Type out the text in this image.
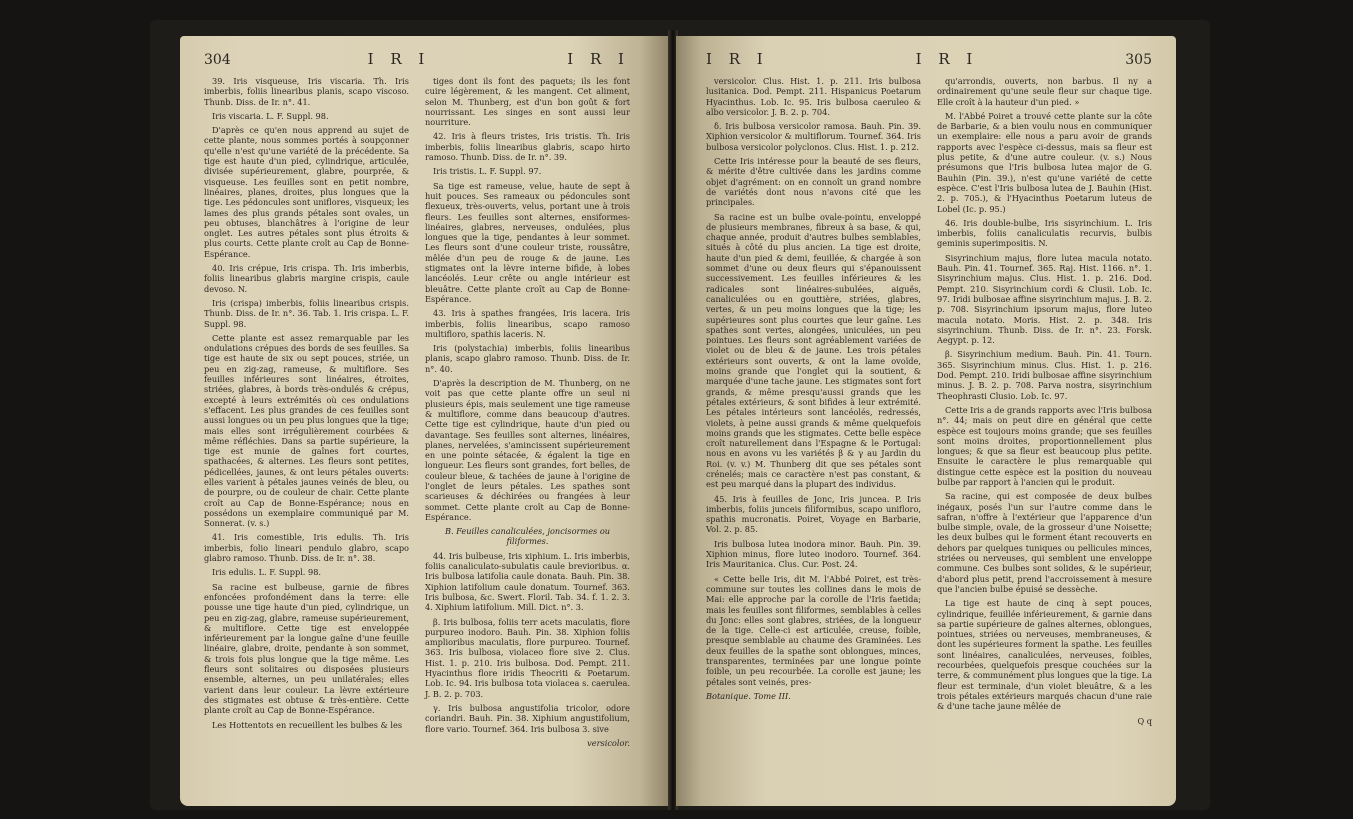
304	I R I	I R I

39. Iris visqueuse, Iris viscaria. Th. Iris imberbis, foliis linearibus planis, scapo viscoso. Thunb. Diss. de Ir. n°. 41.

Iris viscaria. L. F. Suppl. 98.

D'après ce qu'en nous apprend au sujet de cette plante, nous sommes portés à soupçonner qu'elle n'est qu'une variété de la précédente. Sa tige est haute d'un pied, cylindrique, articulée, divisée supérieurement, glabre, pourprée, & visqueuse. Les feuilles sont en petit nombre, linéaires, planes, droites, plus longues que la tige. Les pédoncules sont uniflores, visqueux; les lames des plus grands pétales sont ovales, un peu obtuses, blanchâtres à l'origine de leur onglet. Les autres pétales sont plus étroits & plus courts. Cette plante croît au Cap de Bonne-Espérance.

40. Iris crépue, Iris crispa. Th. Iris imberbis, foliis linearibus glabris margine crispis, caule devoso. N.

Iris (crispa) imberbis, foliis linearibus crispis. Thunb. Diss. de Ir. n°. 36. Tab. 1. Iris crispa. L. F. Suppl. 98.

Cette plante est assez remarquable par les ondulations crépues des bords de ses feuilles. Sa tige est haute de six ou sept pouces, striée, un peu en zig-zag, rameuse, & multiflore. Ses feuilles inférieures sont linéaires, étroites, striées, glabres, à bords très-ondulés & crépus, excepté à leurs extrémités où ces ondulations s'effacent. Les plus grandes de ces feuilles sont aussi longues ou un peu plus longues que la tige; mais elles sont irrégulièrement courbées & même réfléchies. Dans sa partie supérieure, la tige est munie de gaînes fort courtes, spathacées, & alternes. Les fleurs sont petites, pédicellées, jaunes, & ont leurs pétales ouverts: elles varient à pétales jaunes veinés de bleu, ou de pourpre, ou de couleur de chair. Cette plante croît au Cap de Bonne-Espérance; nous en possédons un exemplaire communiqué par M. Sonnerat. (v. s.)

41. Iris comestible, Iris edulis. Th. Iris imberbis, folio lineari pendulo glabro, scapo glabro ramoso. Thunb. Diss. de Ir. n°. 38.

Iris edulis. L. F. Suppl. 98.

Sa racine est bulbeuse, garnie de fibres enfoncées profondément dans la terre: elle pousse une tige haute d'un pied, cylindrique, un peu en zig-zag, glabre, rameuse supérieurement, & multiflore. Cette tige est enveloppée inférieurement par la longue gaîne d'une feuille linéaire, glabre, droite, pendante à son sommet, & trois fois plus longue que la tige même. Les fleurs sont solitaires ou disposées plusieurs ensemble, alternes, un peu unilatérales; elles varient dans leur couleur. La lèvre extérieure des stigmates est obtuse & très-entière. Cette plante croît au Cap de Bonne-Espérance.

Les Hottentots en recueillent les bulbes & les

tiges dont ils font des paquets; ils les font cuire légèrement, & les mangent. Cet aliment, selon M. Thunberg, est d'un bon goût & fort nourrissant. Les singes en sont aussi leur nourriture.

42. Iris à fleurs tristes, Iris tristis. Th. Iris imberbis, foliis linearibus glabris, scapo hirto ramoso. Thunb. Diss. de Ir. n°. 39.

Iris tristis. L. F. Suppl. 97.

Sa tige est rameuse, velue, haute de sept à huit pouces. Ses rameaux ou pédoncules sont flexueux, très-ouverts, velus, portant une à trois fleurs. Les feuilles sont alternes, ensiformes-linéaires, glabres, nerveuses, ondulées, plus longues que la tige, pendantes à leur sommet. Les fleurs sont d'une couleur triste, roussâtre, mêlée d'un peu de rouge & de jaune. Les stigmates ont la lèvre interne bifide, à lobes lancéolés. Leur crête ou angle intérieur est bleuâtre. Cette plante croît au Cap de Bonne-Espérance.

43. Iris à spathes frangées, Iris lacera. Iris imberbis, foliis linearibus, scapo ramoso multifloro, spathis laceris. N.

Iris (polystachia) imberbis, foliis linearibus planis, scapo glabro ramoso. Thunb. Diss. de Ir. n°. 40.

D'après la description de M. Thunberg, on ne voit pas que cette plante offre un seul ni plusieurs épis, mais seulement une tige rameuse & multiflore, comme dans beaucoup d'autres. Cette tige est cylindrique, haute d'un pied ou davantage. Ses feuilles sont alternes, linéaires, planes, nervelées, s'amincissent supérieurement en une pointe sétacée, & égalent la tige en longueur. Les fleurs sont grandes, fort belles, de couleur bleue, & tachées de jaune à l'origine de l'onglet de leurs pétales. Les spathes sont scarieuses & déchirées ou frangées à leur sommet. Cette plante croît au Cap de Bonne-Espérance.

B. Feuilles canaliculées, joncisormes ou filiformes.

44. Iris bulbeuse, Iris xiphium. L. Iris imberbis, foliis canaliculato-subulatis caule brevioribus. α. Iris bulbosa latifolia caule donata. Bauh. Pin. 38. Xiphion latifolium caule donatum. Tournef. 363. Iris bulbosa, &c. Swert. Floril. Tab. 34. f. 1. 2. 3. 4. Xiphium latifolium. Mill. Dict. n°. 3.

β. Iris bulbosa, foliis terr acets maculatis, flore purpureo inodoro. Bauh. Pin. 38. Xiphion foliis amplioribus maculatis, flore purpureo. Tournef. 363. Iris bulbosa, violaceo flore sive 2. Clus. Hist. 1. p. 210. Iris bulbosa. Dod. Pempt. 211. Hyacinthus flore iridis Theocriti & Poetarum. Lob. Ic. 94. Iris bulbosa tota violacea s. caerulea. J. B. 2. p. 703.

γ. Iris bulbosa angustifolia tricolor, odore coriandri. Bauh. Pin. 38. Xiphium angustifolium, flore vario. Tournef. 364. Iris bulbosa 3. sive

versicolor.
I R I	I R I	305

versicolor. Clus. Hist. 1. p. 211. Iris bulbosa lusitanica. Dod. Pempt. 211. Hispanicus Poetarum Hyacinthus. Lob. Ic. 95. Iris bulbosa caeruleo & albo versicolor. J. B. 2. p. 704.

δ. Iris bulbosa versicolor ramosa. Bauh. Pin. 39. Xiphion versicolor & multiflorum. Tournef. 364. Iris bulbosa versicolor polyclonos. Clus. Hist. 1. p. 212.

Cette Iris intéresse pour la beauté de ses fleurs, & mérite d'être cultivée dans les jardins comme objet d'agrément: on en connoît un grand nombre de variétés dont nous n'avons cité que les principales.

Sa racine est un bulbe ovale-pointu, enveloppé de plusieurs membranes, fibreux à sa base, & qui, chaque année, produit d'autres bulbes semblables, situés à côté du plus ancien. La tige est droite, haute d'un pied & demi, feuillée, & chargée à son sommet d'une ou deux fleurs qui s'épanouissent successivement. Les feuilles inférieures & les radicales sont linéaires-subulées, aiguës, canaliculées ou en gouttière, striées, glabres, vertes, & un peu moins longues que la tige; les supérieures sont plus courtes que leur gaîne. Les spathes sont vertes, alongées, uniculées, un peu pointues. Les fleurs sont agréablement variées de violet ou de bleu & de jaune. Les trois pétales extérieurs sont ouverts, & ont la lame ovoïde, moins grande que l'onglet qui la soutient, & marquée d'une tache jaune. Les stigmates sont fort grands, & même presqu'aussi grands que les pétales extérieurs, & sont bifides à leur extrémité. Les pétales intérieurs sont lancéolés, redressés, violets, à peine aussi grands & même quelquefois moins grands que les stigmates. Cette belle espèce croît naturellement dans l'Espagne & le Portugal: nous en avons vu les variétés β & γ au Jardin du Roi. (v. v.) M. Thunberg dit que ses pétales sont crénelés; mais ce caractère n'est pas constant, & est peu marqué dans la plupart des individus.

45. Iris à feuilles de Jonc, Iris juncea. P. Iris imberbis, foliis junceis filiformibus, scapo unifloro, spathis mucronatis. Poiret, Voyage en Barbarie, Vol. 2. p. 85.

Iris bulbosa lutea inodora minor. Bauh. Pin. 39. Xiphion minus, flore luteo inodoro. Tournef. 364. Iris Mauritanica. Clus. Cur. Post. 24.

« Cette belle Iris, dit M. l'Abbé Poiret, est très-commune sur toutes les collines dans le mois de Mai: elle approche par la corolle de l'Iris faetida; mais les feuilles sont filiformes, semblables à celles du Jonc: elles sont glabres, striées, de la longueur de la tige. Celle-ci est articulée, creuse, foible, presque semblable au chaume des Graminées. Les deux feuilles de la spathe sont oblongues, minces, transparentes, terminées par une longue pointe foible, un peu recourbée. La corolle est jaune; les pétales sont veinés, pres-

Botanique. Tome III.

qu'arrondis, ouverts, non barbus. Il ny a ordinairement qu'une seule fleur sur chaque tige. Elle croît à la hauteur d'un pied. »

M. l'Abbé Poiret a trouvé cette plante sur la côte de Barbarie, & a bien voulu nous en communiquer un exemplaire: elle nous a paru avoir de grands rapports avec l'espèce ci-dessus, mais sa fleur est plus petite, & d'une autre couleur. (v. s.) Nous présumons que l'Iris bulbosa lutea major de G. Bauhin (Pin. 39.), n'est qu'une variété de cette espèce. C'est l'Iris bulbosa lutea de J. Bauhin (Hist. 2. p. 705.), & l'Hyacinthus Poetarum luteus de Lobel (Ic. p. 95.)

46. Iris double-bulbe, Iris sisyrinchium. L. Iris imberbis, foliis canaliculatis recurvis, bulbis geminis superimpositis. N.

Sisyrinchium majus, flore lutea macula notato. Bauh. Pin. 41. Tournef. 365. Raj. Hist. 1166. n°. 1. Sisyrinchium majus. Clus. Hist. 1. p. 216. Dod. Pempt. 210. Sisyrinchium cordi & Clusii. Lob. Ic. 97. Iridi bulbosae affine sisyrinchium majus. J. B. 2. p. 708. Sisyrinchium ipsorum majus, flore luteo macula notato. Moris. Hist. 2. p. 348. Iris sisyrinchium. Thunb. Diss. de Ir. n°. 23. Forsk. Aegypt. p. 12.

β. Sisyrinchium medium. Bauh. Pin. 41. Tourn. 365. Sisyrinchium minus. Clus. Hist. 1. p. 216. Dod. Pempt. 210. Iridi bulbosae affine sisyrinchium minus. J. B. 2. p. 708. Parva nostra, sisyrinchium Theophrasti Clusio. Lob. Ic. 97.

Cette Iris a de grands rapports avec l'Iris bulbosa n°. 44; mais on peut dire en général que cette espèce est toujours moins grande; que ses feuilles sont moins droites, proportionnellement plus longues; & que sa fleur est beaucoup plus petite. Ensuite le caractère le plus remarquable qui distingue cette espèce est la position du nouveau bulbe par rapport à l'ancien qui le produit.

Sa racine, qui est composée de deux bulbes inégaux, posés l'un sur l'autre comme dans le safran, n'offre à l'extérieur que l'apparence d'un bulbe simple, ovale, de la grosseur d'une Noisette; les deux bulbes qui le forment étant recouverts en dehors par quelques tuniques ou pellicules minces, striées ou nerveuses, qui semblent une enveloppe commune. Ces bulbes sont solides, & le supérieur, d'abord plus petit, prend l'accroissement à mesure que l'ancien bulbe épuisé se dessèche.

La tige est haute de cinq à sept pouces, cylindrique, feuillée inférieurement, & garnie dans sa partie supérieure de gaînes alternes, oblongues, pointues, striées ou nerveuses, membraneuses, & dont les supérieures forment la spathe. Les feuilles sont linéaires, canaliculées, nerveuses, foibles, recourbées, quelquefois presque couchées sur la terre, & communément plus longues que la tige. La fleur est terminale, d'un violet bleuâtre, & a les trois pétales extérieurs marqués chacun d'une raie & d'une tache jaune mêlée de

Q q
